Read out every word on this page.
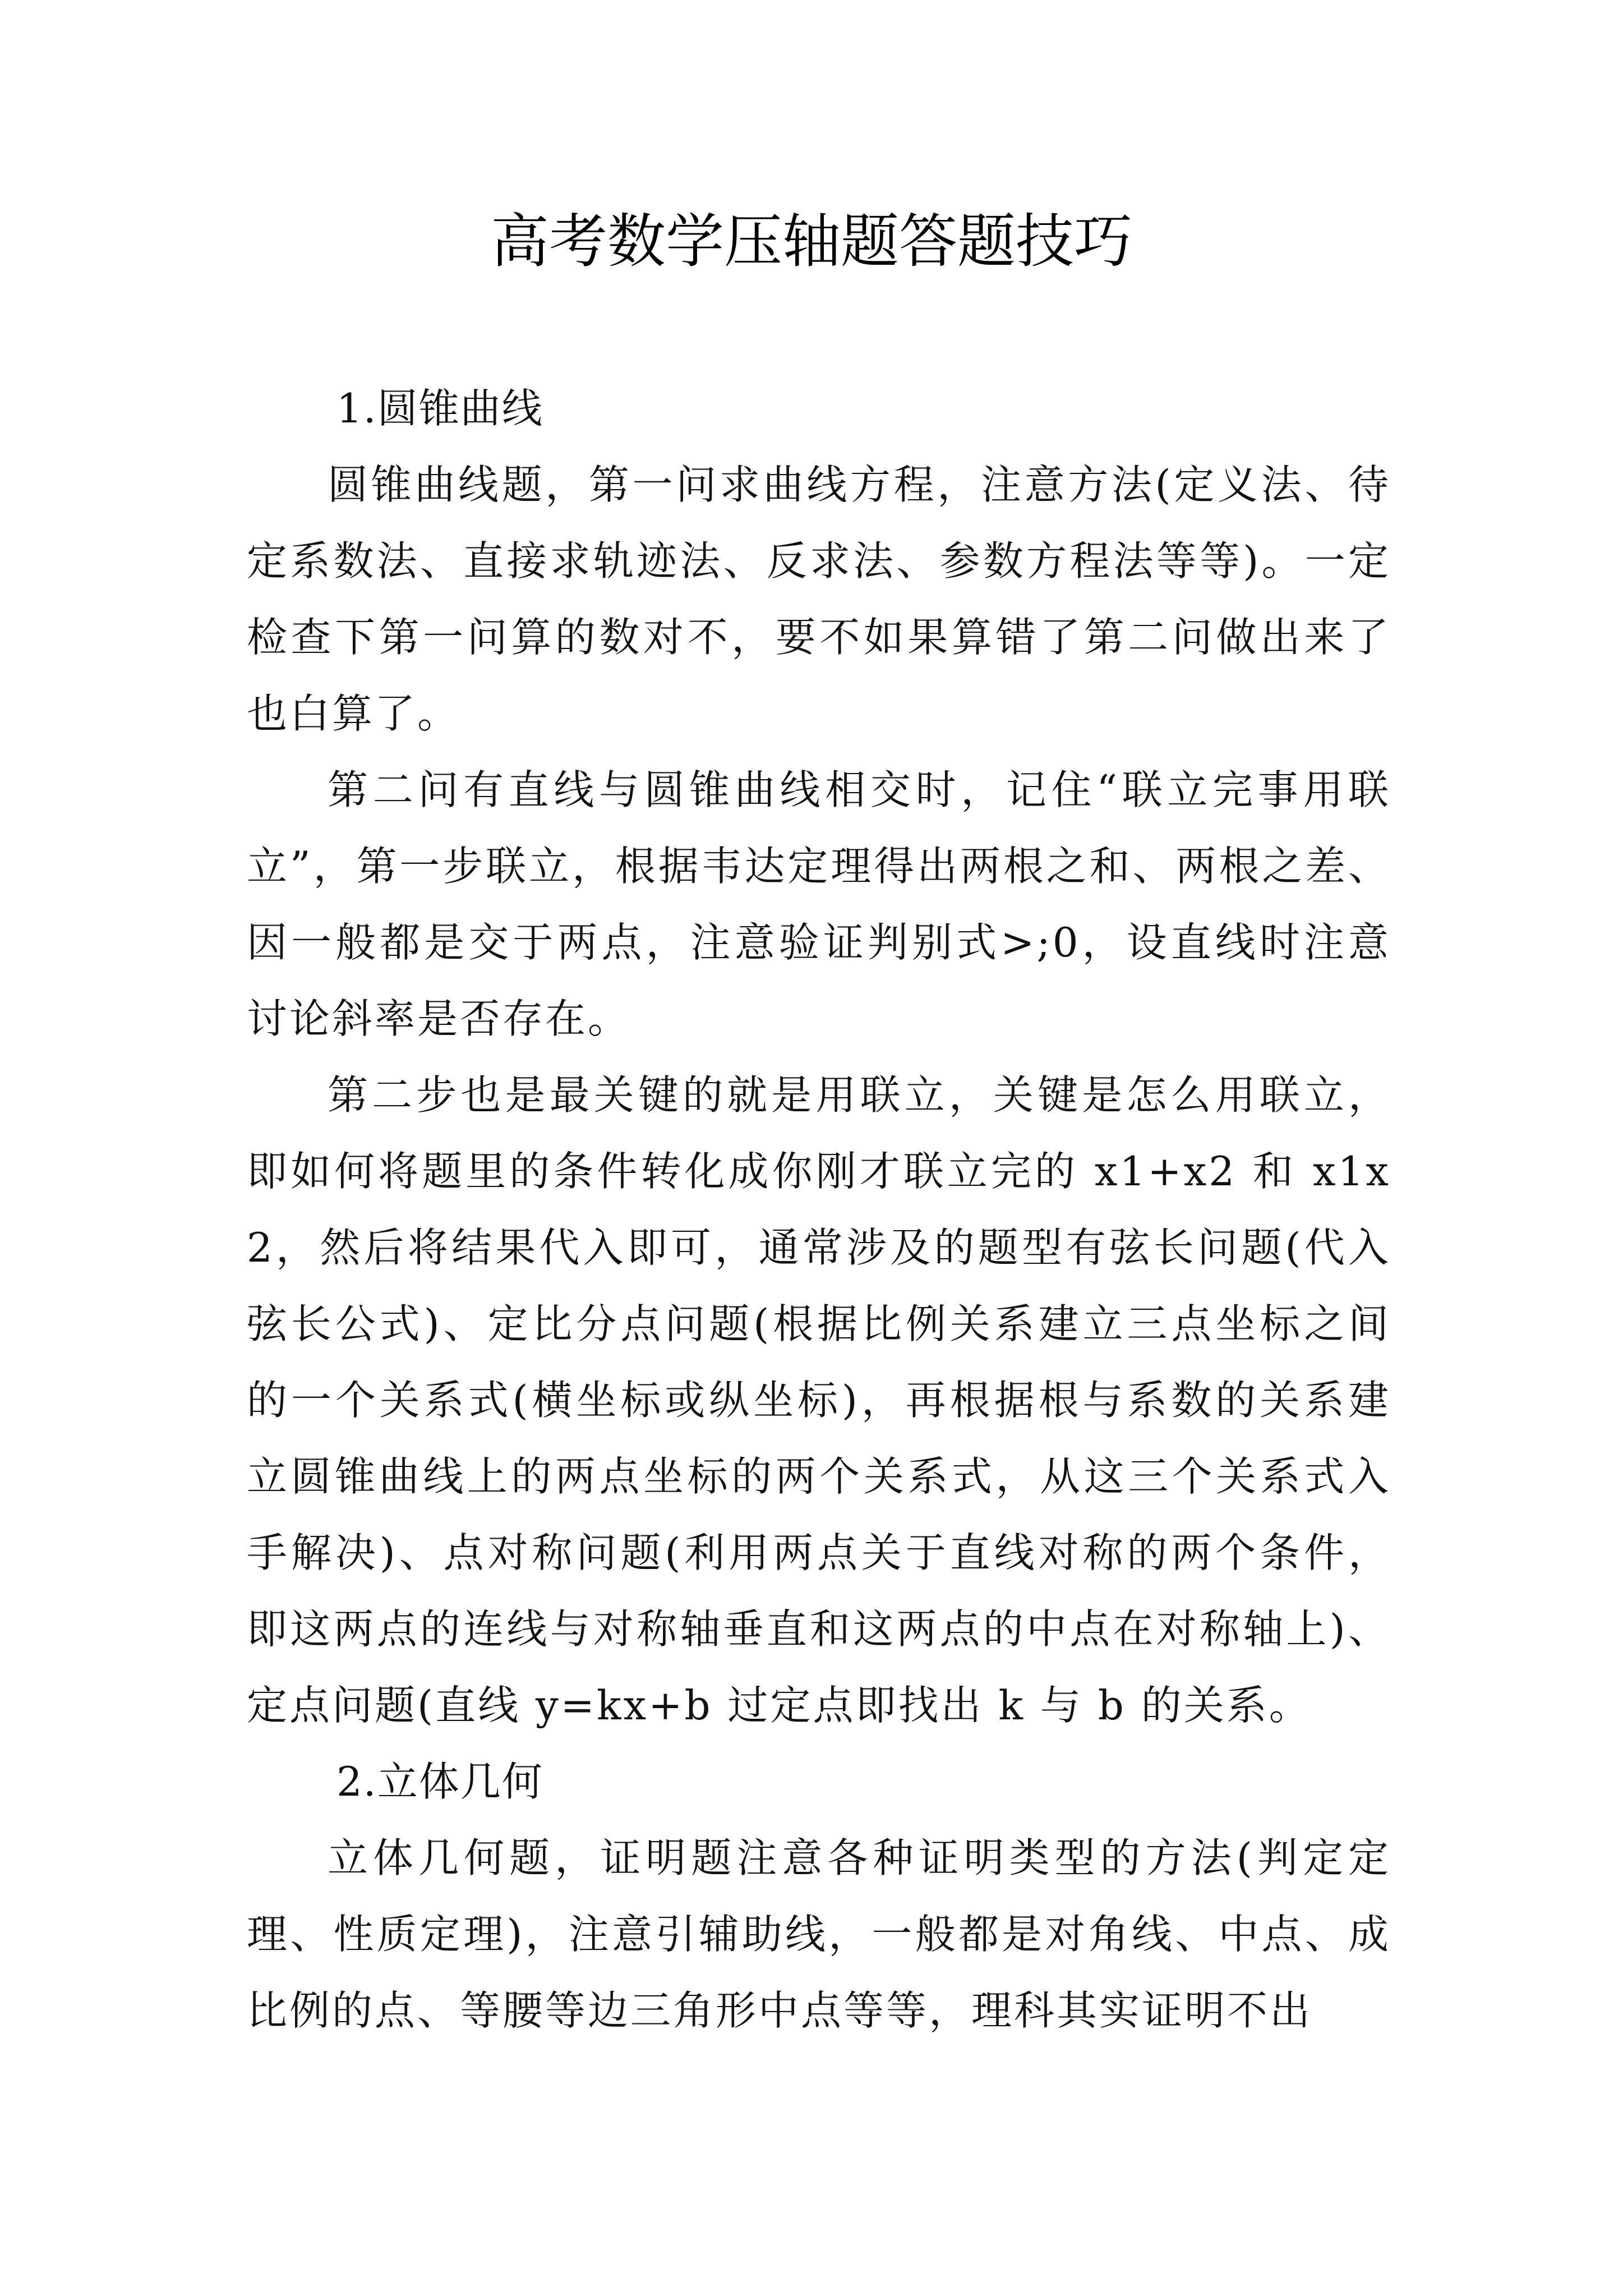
高考数学压轴题答题技巧

1.圆锥曲线

圆锥曲线题，第一问求曲线方程，注意方法(定义法、待定系数法、直接求轨迹法、反求法、参数方程法等等)。一定检查下第一问算的数对不，要不如果算错了第二问做出来了也白算了。

第二问有直线与圆锥曲线相交时，记住“联立完事用联立”，第一步联立，根据韦达定理得出两根之和、两根之差、因一般都是交于两点，注意验证判别式>;0，设直线时注意讨论斜率是否存在。

第二步也是最关键的就是用联立，关键是怎么用联立，即如何将题里的条件转化成你刚才联立完的 x1+x2 和 x1x2，然后将结果代入即可，通常涉及的题型有弦长问题(代入弦长公式)、定比分点问题(根据比例关系建立三点坐标之间的一个关系式(横坐标或纵坐标)，再根据根与系数的关系建立圆锥曲线上的两点坐标的两个关系式，从这三个关系式入手解决)、点对称问题(利用两点关于直线对称的两个条件，即这两点的连线与对称轴垂直和这两点的中点在对称轴上)、定点问题(直线 y=kx+b 过定点即找出 k 与 b 的关系。

2.立体几何

立体几何题，证明题注意各种证明类型的方法(判定定理、性质定理)，注意引辅助线，一般都是对角线、中点、成比例的点、等腰等边三角形中点等等，理科其实证明不出
